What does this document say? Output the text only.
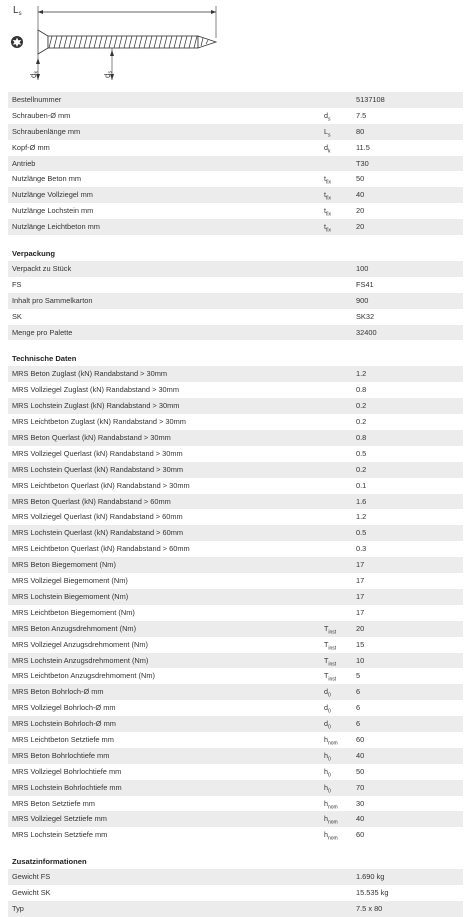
$L_s$
dk
ds
Bestellnummer	5137108
Schrauben-Ø mm	$d_s$	7.5
Schraubenlänge mm	$L_s$	80
Kopf-Ø mm	$d_k$	11.5
Antrieb	T30
Nutzlänge Beton mm	$t_{fix}$	50
Nutzlänge Vollziegel mm	$t_{fix}$	40
Nutzlänge Lochstein mm	$t_{fix}$	20
Nutzlänge Leichtbeton mm	$t_{fix}$	20
Verpackung
Verpackt zu Stück	100
FS	FS41
Inhalt pro Sammelkarton	900
SK	SK32
Menge pro Palette	32400
Technische Daten
MRS Beton Zuglast (kN) Randabstand > 30mm	1.2
MRS Vollziegel Zuglast (kN) Randabstand > 30mm	0.8
MRS Lochstein Zuglast (kN) Randabstand > 30mm	0.2
MRS Leichtbeton Zuglast (kN) Randabstand > 30mm	0.2
MRS Beton Querlast (kN) Randabstand > 30mm	0.8
MRS Vollziegel Querlast (kN) Randabstand > 30mm	0.5
MRS Lochstein Querlast (kN) Randabstand > 30mm	0.2
MRS Leichtbeton Querlast (kN) Randabstand > 30mm	0.1
MRS Beton Querlast (kN) Randabstand > 60mm	1.6
MRS Vollziegel Querlast (kN) Randabstand > 60mm	1.2
MRS Lochstein Querlast (kN) Randabstand > 60mm	0.5
MRS Leichtbeton Querlast (kN) Randabstand > 60mm	0.3
MRS Beton Biegemoment (Nm)	17
MRS Vollziegel Biegemoment (Nm)	17
MRS Lochstein Biegemoment (Nm)	17
MRS Leichtbeton Biegemoment (Nm)	17
MRS Beton Anzugsdrehmoment (Nm)	$T_{inst}$	20
MRS Vollziegel Anzugsdrehmoment (Nm)	$T_{inst}$	15
MRS Lochstein Anzugsdrehmoment (Nm)	$T_{inst}$	10
MRS Leichtbeton Anzugsdrehmoment (Nm)	$T_{inst}$	5
MRS Beton Bohrloch-Ø mm	$d_0$	6
MRS Vollziegel Bohrloch-Ø mm	$d_0$	6
MRS Lochstein Bohrloch-Ø mm	$d_0$	6
MRS Leichtbeton Setztiefe mm	$h_{nom}$ 60
MRS Beton Bohrlochtiefe mm	$h_0$	40
MRS Vollziegel Bohrlochtiefe mm	$h_0$	50
MRS Lochstein Bohrlochtiefe mm	$h_0$	70
MRS Beton Setztiefe mm	$h_{nom}$ 30
MRS Vollziegel Setztiefe mm	$h_{nom}$ 40
MRS Lochstein Setztiefe mm	$h_{nom}$ 60
Zusatzinformationen
Gewicht FS	1.690 kg
Gewicht SK	15.535 kg
Typ	7.5 x 80
